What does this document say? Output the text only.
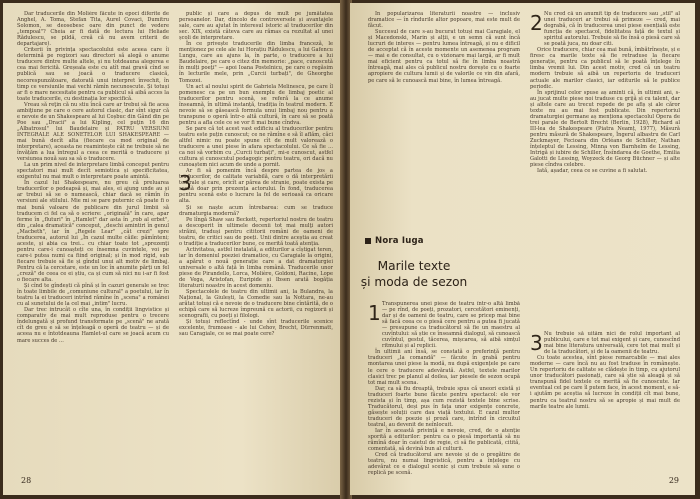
Dar traducerile din Molière făcute în epoci diferite de Anghel, A. Toma, Stefan Tita, Aurel Covaci, Dumitru Solomon, se deosebesc oare din punct de vedere „tempoal"? Cheia ar fi dată de lectura lui Heliade Rădulescu, se pildă, creă că nu avem criterii de departajare).

Criterii în privința spectacolului este aceea care îi determină pe regizori sau directori să alegă o anume traducere dintre multe altele, și nu totdeauna alegerea e cea mai fericită. Greșeala este cu atît mai gravă cînd se publică sau se joacă o traducere clasică, necorespunzătoare, datorată unui interpret învechit, în timp ce versiunile mai vechi rămîn necunoscute. Și totuși ar fi o mare necesitate pentru ca publicul să aibă acces la toate traducerile, cu destinația lor specifică.

Vreau să reţin că nu stiu încă care ar trebui să fie acea ambiţiune pe care o cere autorul clasic, dar sînt sigur că e nevoie de un Shakespeare al lui Coșbuc din Gând din pe Poe sau „Dracii" a lui Kipling, cel puţin 16 din „Albatrosul" lui Baudelaire și PATRU VERSIUNI INTEGRALE ALE SONETELOR LUI SHAKESPEARE — mai bună decît alta (fiecare ca mod original de interpretare), aceasta ne reamintește cât ne trebuie să ne învățăm a lua întregul a ceea ce merită o traducere și versiunea nouă sau sa să o traducere.

La un prim nivel de interpretare limbă conceput pentru spectatori mai mult decît semiotica și specificitatea, exigentul nu mai mult o interpretare poate amintă.

În cazul lui Shakespeare, nu greu că preluarea traducerilor o pedeapsă și, mai ales, ei ajung unde au și ar trebui să se o numească, chiar dacă se rămîn în versiuni ale stilului. Mie mi se pare puternic că poate fi o mai bună valoare de publicare din jurul limbii să traducem ci fel ca să o scriere: „originală" în care, apar ferme în „fluturi" în „Hamlet" dar asta în „rob al erbet", din „calea dramatică" conceput, „deschi amintiri în genul „Macbeth", iar în „Regele Lear" „cât crezi" spre traducerea, autorul lui „În cazul multe căile: pămînteni; aceste, și abia ca trei... cu chiar toate tot „sprezenți pentru care-i cunoașteți ce însemna cuvintele, voi pe care-i putea numi ca fiind original; și în mod rigid, sub fiecare trebuie să fie și gîndul unui alt motiv de limbaj. Pentru că la cercetare, este un loc în anumite părți un fel „creză" de ceea ce ei știu, ca și cum să nici nu i-ar fi fost o fiecare alta.

Și cînd te gîndești că pînă și în cazuri generale se trec în toate limbile de „comuniune cultural" a poetului, iar în teatru la ei traduceri intrînd rămîne în „scena" a românei cu al sunetului de la cel mai „intim" lucru.

Dar trec intrucât o cîte una, în condiții lingvistice și comparativ de mai mult reproduse pentru o trecere îndelungată și profund transformate pe „scenă" ne arată cît de greu e să se înțeleagă o operă de teatru — și de aceea nu e întotdeauna Hamlet-ul care se joacă acum cu mare succes de ...

public și care a depus de mult pe jumătatea persoanelor. Dar, dincolo de controversele și avantajele sale, care au ajutat în interesul istoric al traducerilor din sec. XIX, există câteva care au rămas ca rezultat al unei școli de interpretare.

În ce privește traducerile din limba franceză, le menționez pe cele ale lui Horațiu Rădulescu, a lui Gafencu Lungu, care au ajuns la, în parte, o traducere a lui Baudelaire, pe care o citez din memorie: „pace, cunoscută în mulți poeţi" — apoi Ioana Postelnicu, pe care o regăsim în lecturile mele, prin „Curcii turbați", de Gheorghe Tomozei.

Un act al noului spirit de Gabriela Melinescu, pe care îl pomenesc ca pe un bun exemplu de limbaj poetic al traducerilor pentru scenă, se referă la ce anume înseamnă, în ultimă instanță, tradiția în teatrul modern. E nevoie să se găsească formula unui limbaj nou pentru a transpune o operă într-o altă cultură, în care să se poată pentru a afla cele ce se vor fi mai bune cîndva.

Se pare că tot acest vast edificiu al traducerilor pentru teatru este puțin cunoscut; ce ne rămîne e să îl aflăm, căci altfel nimic nu poate spune cît de mult valorează o traducere a unei piese în afara spectacolului. Ce să fie ... ca noi să vorbim cu „Curcii turbați", mi-e cunoscut, astfel cultura și cunoscutul pedagogic pentru teatru, ori dacă nu cunoaștem nici acum de unde a pornit.

Ar fi să pomenim încă despre partea de jos a traducerilor, de calitate variabilă, care o dă interpretării teatrale și care, oricît ar părea de stranie, poate exista pe scenă doar prin prezența actorului. În fond, traducerea pentru scenă este o lucrare la fel de serioasă ca oricare alta.

Și se naște acum întrebarea: cum se traduce dramaturgia modernă?

Pe lîngă Shaw sau Beckett, repertoriul nostru de teatru a descoperit în ultimele decenii tot mai mulţi autori străini, traduși pentru cititorii români de oameni de teatru, de critici sau de poeți. Unii dintre aceștia au creat o tradiție a traducerilor bune, ce merită toată atenția.

Activitatea, astfel instalată, a editurilor a cîștigat teren, iar în domeniul poeziei dramatice, cu Caragiale la origini, a apărut o nouă generație care a dat dramaturgiei universale o altă față în limba română. Traducerile unor piese de Pirandello, Lorca, Molière, Goldoni, Racine, Lope de Vega, Aristofan, Euripide și Ibsen arată bogăția literaturii noastre în acest domeniu.

Spectacolele de teatru din ultimii ani, la Bulandra, la Național, la Giulești, la Comedie sau la Nottara, ne-au arătat totuși că e nevoie de o traducere bine cîntărită, de o echipă care să lucreze împreună cu actorii, cu regizorii și scenografii, cu poeți și filologi.

Și totuși reflectînd - unde sînt traducerile scenice excelente, frumoase - ale lui Cehov, Brecht, Dürrenmatt, sau Caragiale, ce se mai poate cere?

3
28

În popularizarea literaturii noastre — inclusiv dramatice — în rîndurile altor popoare, mai este mult de făcut.

Succesul de care s-au bucurat totuși mai Caragiale, el și Macedonski, Marin și alții, e un semn că sunt încă lucruri de interes — pentru lumea întreagă, și nu e dificil de acceptat că în aceste momente un asemenea program — mai e de consultat, cu o vizionare mai largă, ar fi mult mai eficient pentru ca totul să fie în limba noastră întreagă, mai ales că publicul nostru dorește cu o foarte apropiere de cultura lumii și de valorile ce vin din afară, pe care să le cunoască mai bine, în lumea întreagă.

Nora Iuga
Marile texte
și moda de sezon
1 Transpunerea unei piese de teatru într-o altă limbă — pe rînd, de poeți, prozatori, cercetători eminenți, dar și de oameni de teatru, care se pricep mai bine să facă ceea ce o piesă cere pentru a putea fi jucată — presupune ca traducătorul să fie un maestru al cuvîntului: să știe ce înseamnă dialogul, să cunoască cuvîntul, gestul, tăcerea, mișcarea, să aibă simțul ritmului și al replicii.

În ultimii ani însă, se constată o preferință pentru traduceri „la comandă" — făcute în grabă pentru montarea unei piese la modă, nu după exigențele pe care le cere o traducere adevărată. Astfel, textele marilor clasici trec pe planul al doilea, iar piesele de sezon ocupă tot mai mult scena.

Dar, ca să fiu dreaptă, trebuie spus că uneori există și traduceri foarte bune făcute pentru spectacol: ele vor rezista și în timp, așa cum rezistă textele bine scrise. Traducătorul, deși pus în fața unor exigențe concrete, găsește soluții care dau viață textului. E cazul multor traduceri de poezie și proză care, intrînd în circuitul teatral, au devenit de neînlocuit.

Iar în această privință e nevoie, cred, de o atenție sporită a editurilor: pentru ca o piesă importantă să nu rămînă doar în caietul de regie, ci să fie publicată, citită, comentată, să devină bun al culturii.

Cred că traducătorul are nevoie și de o pregătire de teatru, nu numai lingvistică, pentru a înțelege cu adevărat ce e dialogul scenic și cum trebuie să sune o replică pe scenă.

2 Nu cred că un anumit tip de traducere sau „stil" al unei traduceri ar trebui să primeze — cred, mai degrabă, că în traducerea unei piese esențială este funcția de spectacol, fidelitatea față de textul și spiritul autorului. Trebuie să fie însă o piesă care să se poată juca, nu doar citi.

Orice traducere, chiar cea mai bună, îmbătrînește, și e firesc ca marile texte să fie retraduse la fiecare generație, pentru ca publicul să le poată înțelege în limba vremii lui. Din acest motiv, cred că un teatru modern trebuie să aibă un repertoriu de traduceri actuale ale marilor clasici, iar editurile să le publice periodic.

În sprijinul celor spuse aș aminti că, în ultimii ani, s-au jucat multe piese noi traduse cu grijă și cu talent, dar și altele care au trecut repede de pe afiș și ale căror texte nu au mai fost publicate. Din repertoriul dramaturgiei germane aș menționa spectacolul Opera de trei parale de Bertolt Brecht (Berlin, 1928), Richard al III-lea de Shakespeare (Piatra Neamț, 1977), Măsură pentru măsură de Shakespeare, Îngerul albastru de Carl Zuckmayer, Fecioara din Orléans de Schiller, Nathan înțeleptul de Lessing, Minna von Barnhelm de Lessing, Intrigă și iubire de Schiller, Însîndarea de Goethe, Emilia Galotti de Lessing, Woyzeck de Georg Büchner — și alte piese cîndva celebre.

Iată, așadar, ceea ce se cuvine a fi salutat.

3 Nu trebuie să uităm nici de rolul important al publicului, care e tot mai exigent și care, cunoscînd mai bine literatura universală, cere tot mai mult și de la traducători, și de la oamenii de teatru.

Cu toate acestea, sînt piese remarcabile — mai ales moderne — care încă nu au fost traduse în românește. Un repertoriu de calitate se clădește în timp, cu ajutorul unor traducători pasionați, care să știe să aleagă și să transpună fidel textele ce merită să fie cunoscute. Iar eventual cel pe care îl putem face, în acest moment, e să-i ajutăm pe aceștia să lucreze în condiții cît mai bune, pentru ca teatrul nostru să se apropie și mai mult de marile teatre ale lumii.

29
